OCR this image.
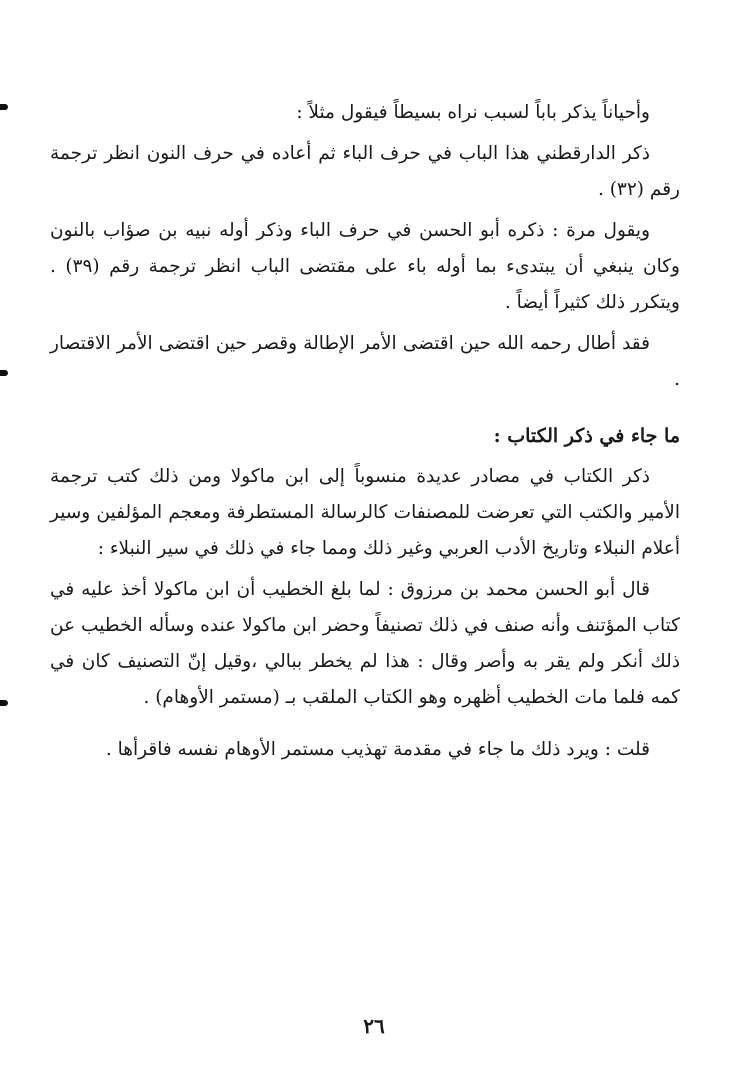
وأحياناً يذكر باباً لسبب نراه بسيطاً فيقول مثلاً :

ذكر الدارقطني هذا الباب في حرف الباء ثم أعاده في حرف النون انظر ترجمة رقم (٣٢) .

ويقول مرة : ذكره أبو الحسن في حرف الباء وذكر أوله نبيه بن صؤاب بالنون وكان ينبغي أن يبتدىء بما أوله باء على مقتضى الباب انظر ترجمة رقم (٣٩) . ويتكرر ذلك كثيراً أيضاً .

فقد أطال رحمه الله حين اقتضى الأمر الإطالة وقصر حين اقتضى الأمر الاقتصار .

ما جاء في ذكر الكتاب :

ذكر الكتاب في مصادر عديدة منسوباً إلى ابن ماكولا ومن ذلك كتب ترجمة الأمير والكتب التي تعرضت للمصنفات كالرسالة المستطرفة ومعجم المؤلفين وسير أعلام النبلاء وتاريخ الأدب العربي وغير ذلك ومما جاء في ذلك في سير النبلاء :

قال أبو الحسن محمد بن مرزوق : لما بلغ الخطيب أن ابن ماكولا أخذ عليه في كتاب المؤتنف وأنه صنف في ذلك تصنيفاً وحضر ابن ماكولا عنده وسأله الخطيب عن ذلك أنكر ولم يقر به وأصر وقال : هذا لم يخطر ببالي ،وقيل إنّ التصنيف كان في كمه فلما مات الخطيب أظهره وهو الكتاب الملقب بـ (مستمر الأوهام) .

قلت : ويرد ذلك ما جاء في مقدمة تهذيب مستمر الأوهام نفسه فاقرأها .

٢٦
